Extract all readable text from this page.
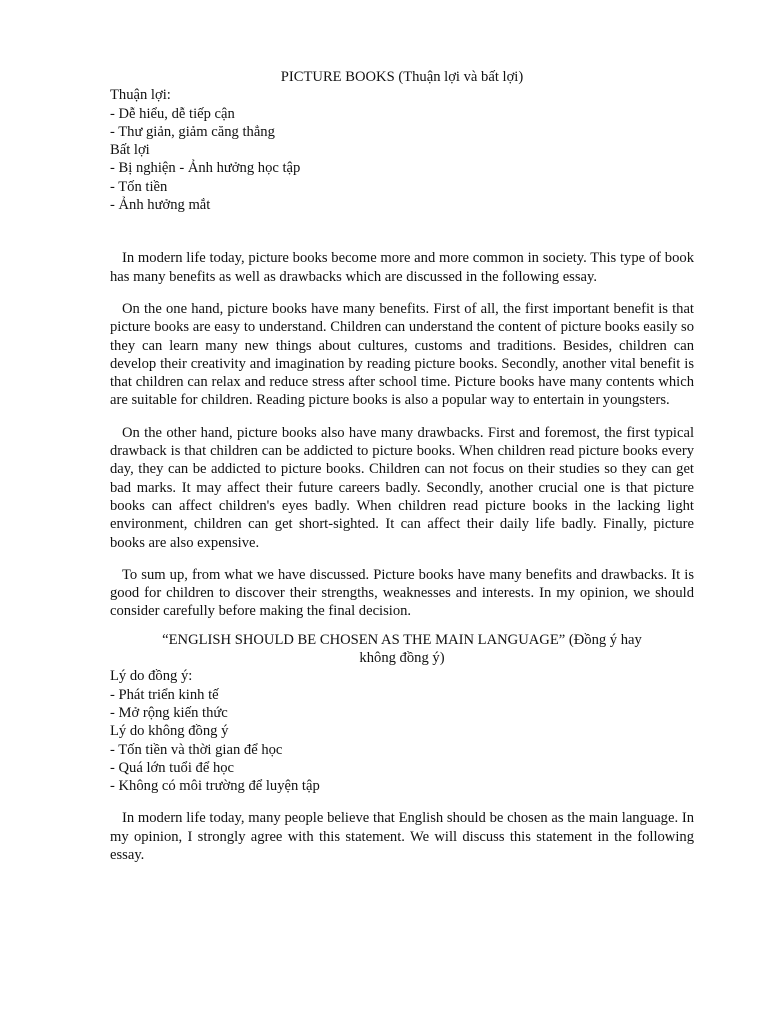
PICTURE BOOKS (Thuận lợi và bất lợi)

Thuận lợi:
- Dễ hiểu, dễ tiếp cận
- Thư giản, giảm căng thẳng
Bất lợi
- Bị nghiện - Ảnh hưởng học tập
- Tốn tiền
- Ảnh hưởng mắt

In modern life today, picture books become more and more common in society. This type of book has many benefits as well as drawbacks which are discussed in the following essay.

On the one hand, picture books have many benefits. First of all, the first important benefit is that picture books are easy to understand. Children can understand the content of picture books easily so they can learn many new things about cultures, customs and traditions. Besides, children can develop their creativity and imagination by reading picture books. Secondly, another vital benefit is that children can relax and reduce stress after school time. Picture books have many contents which are suitable for children. Reading picture books is also a popular way to entertain in youngsters.

On the other hand, picture books also have many drawbacks. First and foremost, the first typical drawback is that children can be addicted to picture books. When children read picture books every day, they can be addicted to picture books. Children can not focus on their studies so they can get bad marks. It may affect their future careers badly. Secondly, another crucial one is that picture books can affect children's eyes badly. When children read picture books in the lacking light environment, children can get short-sighted. It can affect their daily life badly. Finally, picture books are also expensive.

To sum up, from what we have discussed. Picture books have many benefits and drawbacks. It is good for children to discover their strengths, weaknesses and interests. In my opinion, we should consider carefully before making the final decision.

“ENGLISH SHOULD BE CHOSEN AS THE MAIN LANGUAGE” (Đồng ý hay không đồng ý)

Lý do đồng ý:
- Phát triển kinh tế
- Mở rộng kiến thức
Lý do không đồng ý
- Tốn tiền và thời gian để học
- Quá lớn tuổi để học
- Không có môi trường để luyện tập

In modern life today, many people believe that English should be chosen as the main language. In my opinion, I strongly agree with this statement. We will discuss this statement in the following essay.
